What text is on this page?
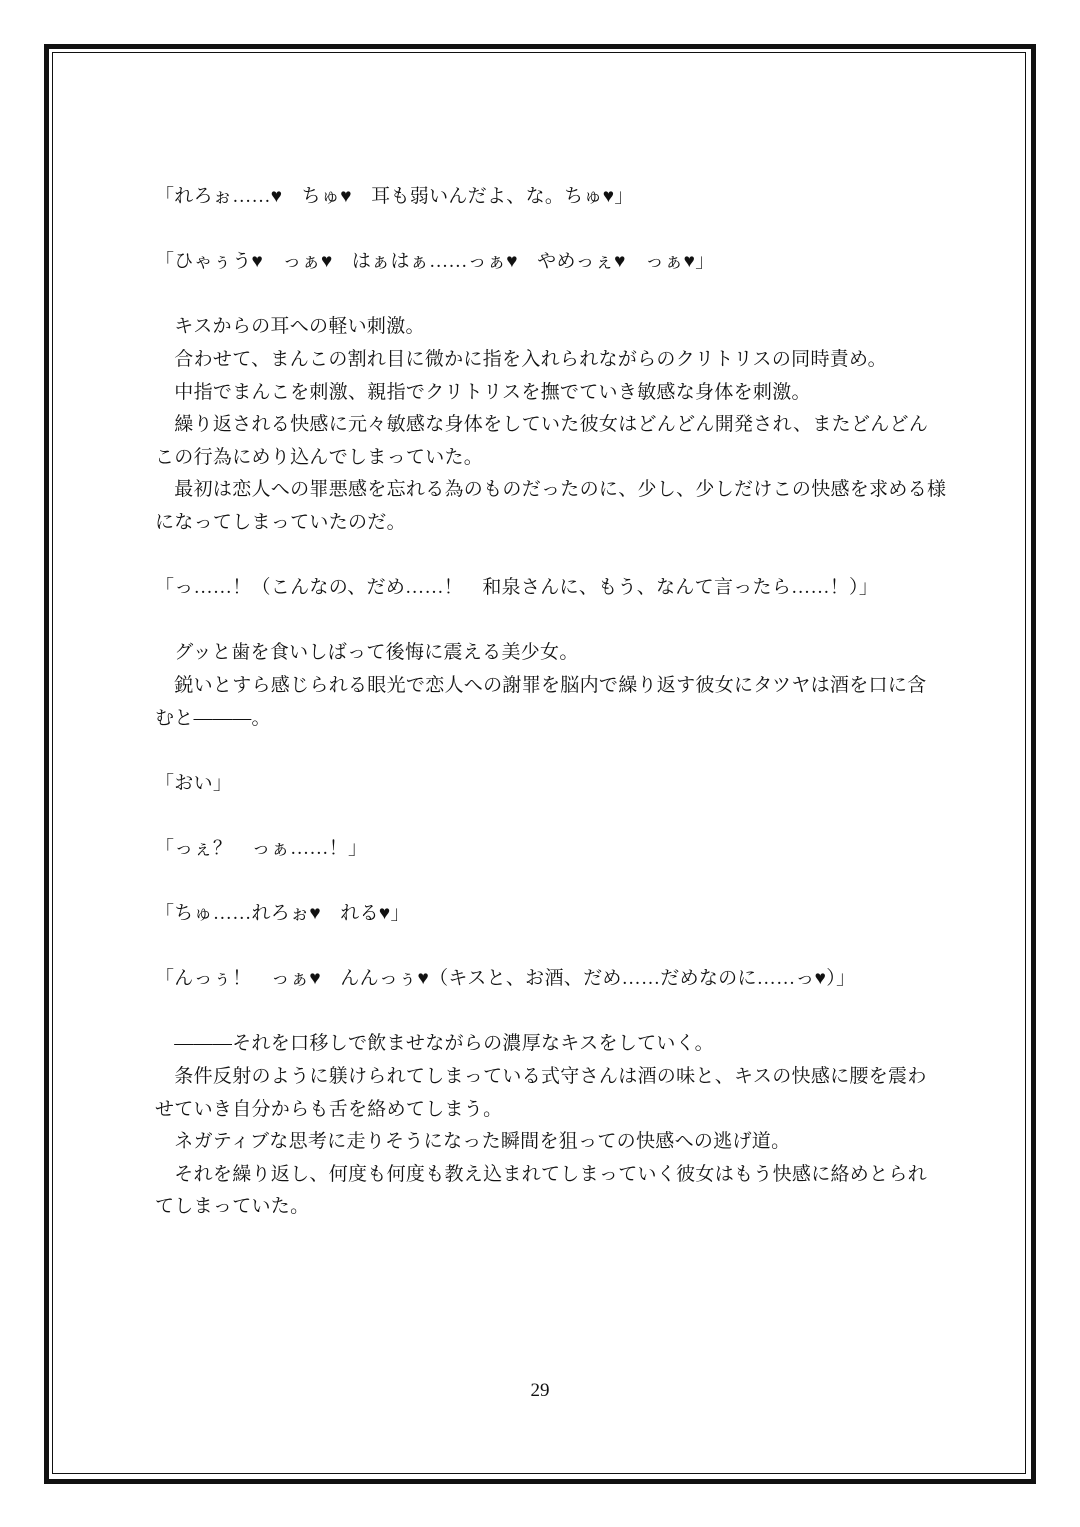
「れろぉ……♥　ちゅ♥　耳も弱いんだよ、な。ちゅ♥」
「ひゃぅう♥　っぁ♥　はぁはぁ……っぁ♥　やめっぇ♥　っぁ♥」
　キスからの耳への軽い刺激。
　合わせて、まんこの割れ目に微かに指を入れられながらのクリトリスの同時責め。
　中指でまんこを刺激、親指でクリトリスを撫でていき敏感な身体を刺激。
　繰り返される快感に元々敏感な身体をしていた彼女はどんどん開発され、またどんどん
この行為にめり込んでしまっていた。
　最初は恋人への罪悪感を忘れる為のものだったのに、少し、少しだけこの快感を求める様
になってしまっていたのだ。
「っ……！（こんなの、だめ……！　和泉さんに、もう、なんて言ったら……！）」
　グッと歯を食いしばって後悔に震える美少女。
　鋭いとすら感じられる眼光で恋人への謝罪を脳内で繰り返す彼女にタツヤは酒を口に含
むと―――。
「おい」
「っぇ？　っぁ……！」
「ちゅ……れろぉ♥　れる♥」
「んっぅ！　っぁ♥　んんっぅ♥（キスと、お酒、だめ……だめなのに……っ♥）」
　―――それを口移しで飲ませながらの濃厚なキスをしていく。
　条件反射のように躾けられてしまっている式守さんは酒の味と、キスの快感に腰を震わ
せていき自分からも舌を絡めてしまう。
　ネガティブな思考に走りそうになった瞬間を狙っての快感への逃げ道。
　それを繰り返し、何度も何度も教え込まれてしまっていく彼女はもう快感に絡めとられ
てしまっていた。
29
